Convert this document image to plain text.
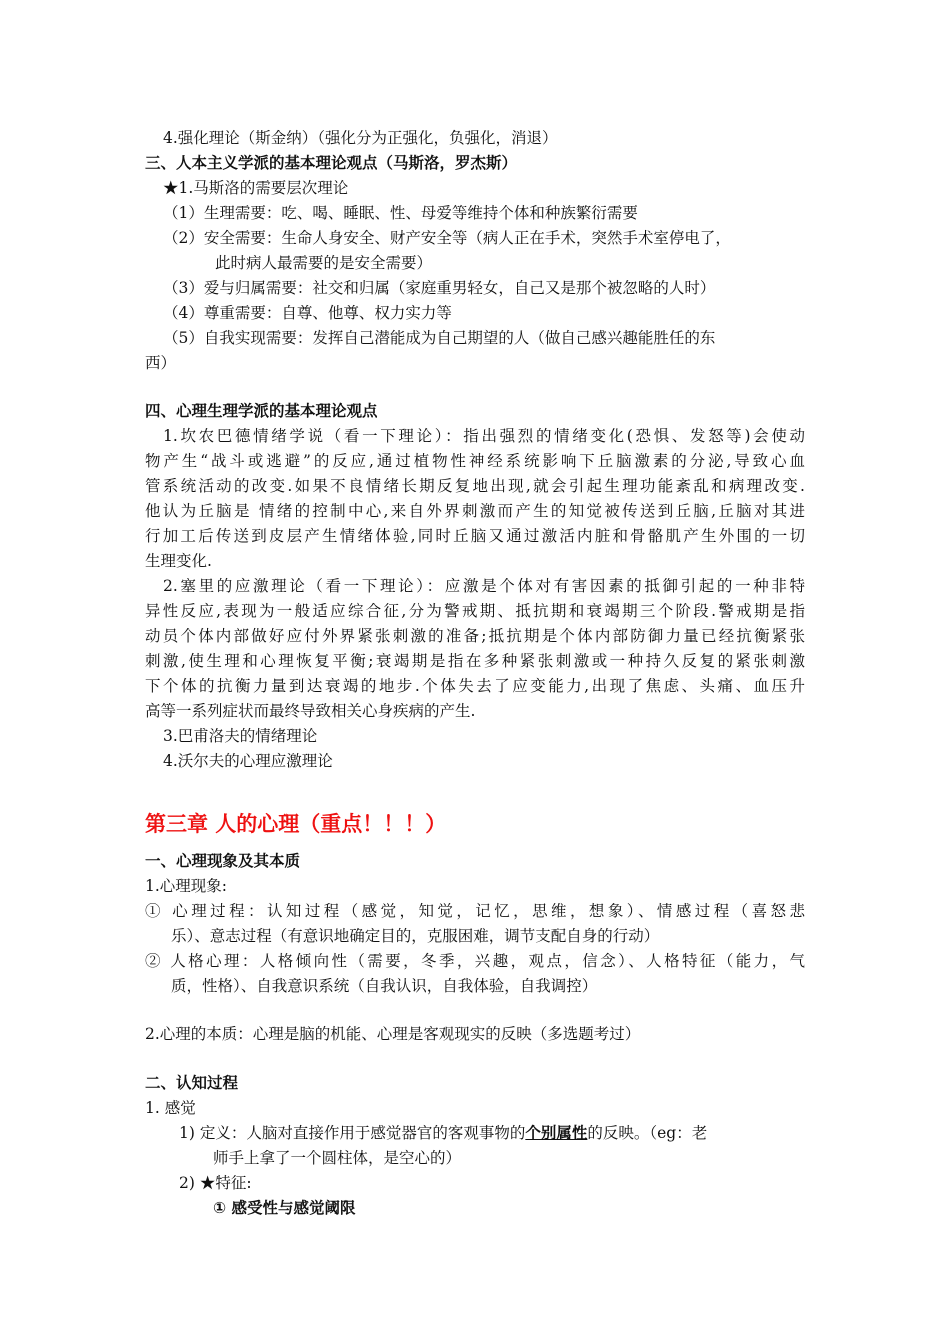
4.强化理论（斯金纳）（强化分为正强化，负强化，消退）
三、人本主义学派的基本理论观点（马斯洛，罗杰斯）
★1.马斯洛的需要层次理论
（1）生理需要：吃、喝、睡眠、性、母爱等维持个体和种族繁衍需要
（2）安全需要：生命人身安全、财产安全等（病人正在手术，突然手术室停电了，
此时病人最需要的是安全需要）
（3）爱与归属需要：社交和归属（家庭重男轻女，自己又是那个被忽略的人时）
（4）尊重需要：自尊、他尊、权力实力等
（5）自我实现需要：发挥自己潜能成为自己期望的人（做自己感兴趣能胜任的东
西）
四、心理生理学派的基本理论观点
1.坎农巴德情绪学说（看一下理论）：指出强烈的情绪变化(恐惧、发怒等)会使动
物产生“战斗或逃避”的反应,通过植物性神经系统影响下丘脑激素的分泌,导致心血
管系统活动的改变.如果不良情绪长期反复地出现,就会引起生理功能紊乱和病理改变.
他认为丘脑是 情绪的控制中心,来自外界刺激而产生的知觉被传送到丘脑,丘脑对其进
行加工后传送到皮层产生情绪体验,同时丘脑又通过激活内脏和骨骼肌产生外围的一切
生理变化.
2.塞里的应激理论（看一下理论）：应激是个体对有害因素的抵御引起的一种非特
异性反应,表现为一般适应综合征,分为警戒期、抵抗期和衰竭期三个阶段.警戒期是指
动员个体内部做好应付外界紧张刺激的准备;抵抗期是个体内部防御力量已经抗衡紧张
刺激,使生理和心理恢复平衡;衰竭期是指在多种紧张刺激或一种持久反复的紧张刺激
下个体的抗衡力量到达衰竭的地步.个体失去了应变能力,出现了焦虑、头痛、血压升
高等一系列症状而最终导致相关心身疾病的产生.
3.巴甫洛夫的情绪理论
4.沃尔夫的心理应激理论
第三章 人的心理（重点！！！）
一、心理现象及其本质
1.心理现象:
① 心理过程：认知过程（感觉，知觉，记忆，思维，想象）、情感过程（喜怒悲
乐）、意志过程（有意识地确定目的，克服困难，调节支配自身的行动）
② 人格心理：人格倾向性（需要，冬季，兴趣，观点，信念）、人格特征（能力，气
质，性格）、自我意识系统（自我认识，自我体验，自我调控）
2.心理的本质：心理是脑的机能、心理是客观现实的反映（多选题考过）
二、认知过程
1. 感觉
1) 定义：人脑对直接作用于感觉器官的客观事物的个别属性的反映。（eg：老
师手上拿了一个圆柱体，是空心的）
2) ★特征:
① 感受性与感觉阈限
